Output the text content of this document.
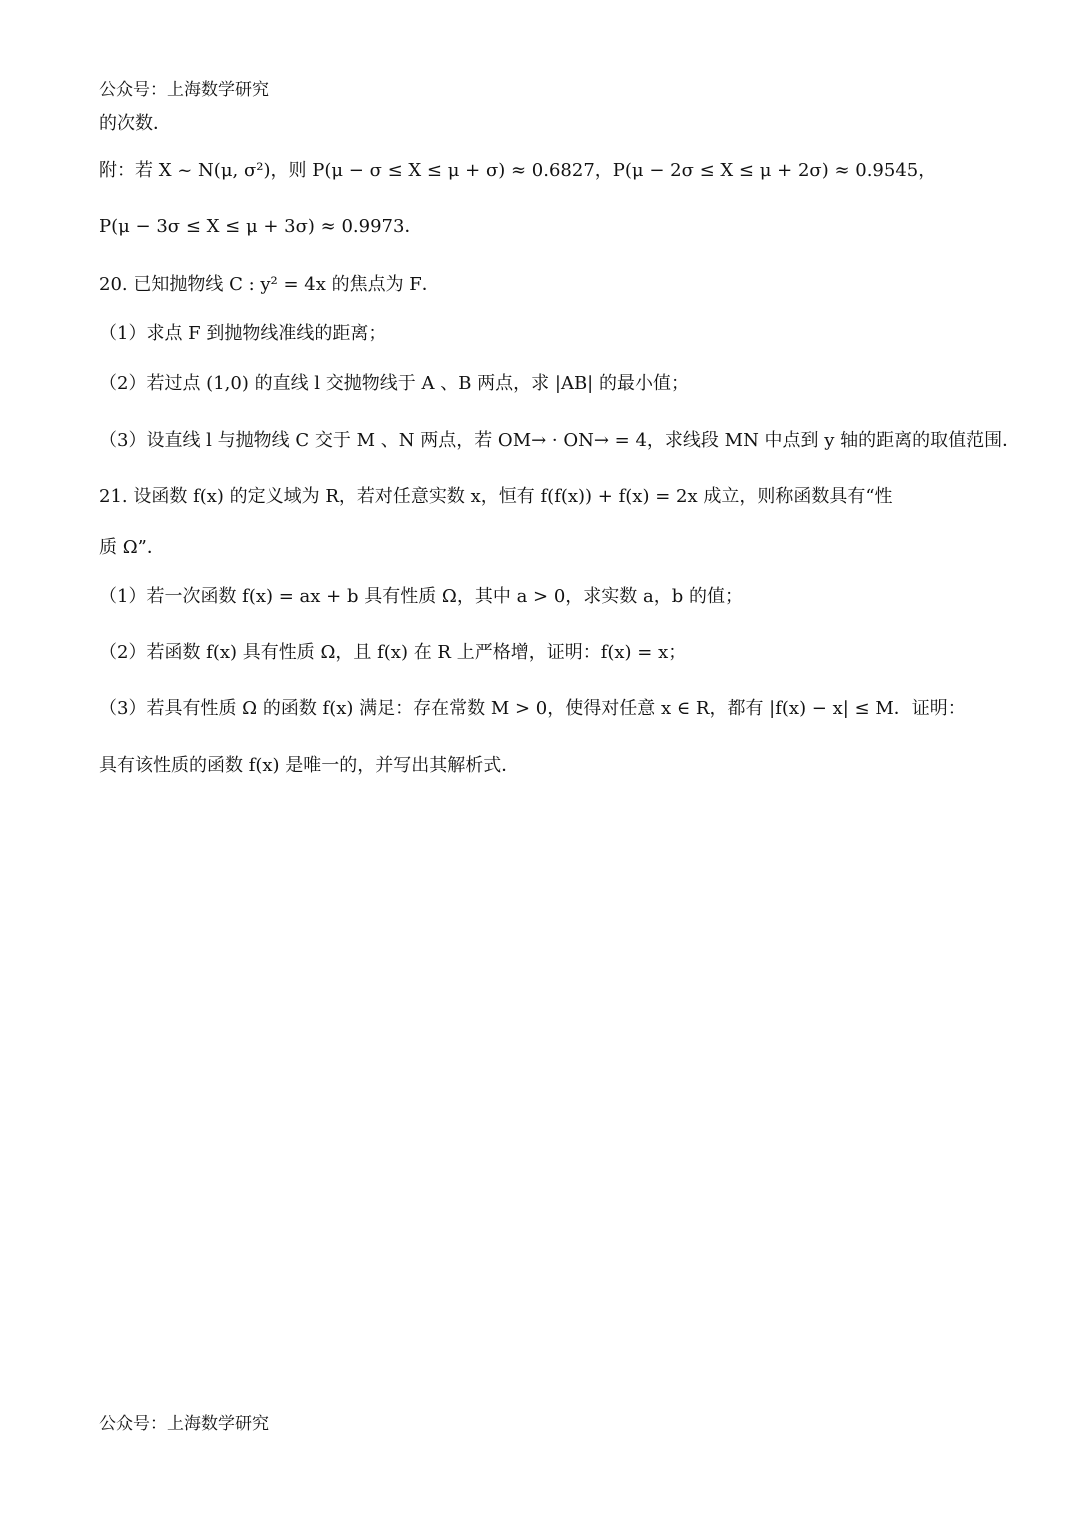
公众号：上海数学研究
的次数．
附：若 X ~ N(μ, σ²)，则 P(μ − σ ≤ X ≤ μ + σ) ≈ 0.6827，P(μ − 2σ ≤ X ≤ μ + 2σ) ≈ 0.9545，
P(μ − 3σ ≤ X ≤ μ + 3σ) ≈ 0.9973．
20. 已知抛物线 C : y² = 4x 的焦点为 F．
（1）求点 F 到抛物线准线的距离；
（2）若过点 (1,0) 的直线 l 交抛物线于 A 、B 两点，求 |AB| 的最小值；
（3）设直线 l 与抛物线 C 交于 M 、N 两点，若 OM→ · ON→ = 4，求线段 MN 中点到 y 轴的距离的取值范围．
21. 设函数 f(x) 的定义域为 R，若对任意实数 x，恒有 f(f(x)) + f(x) = 2x 成立，则称函数具有“性
质 Ω”．
（1）若一次函数 f(x) = ax + b 具有性质 Ω，其中 a > 0，求实数 a，b 的值；
（2）若函数 f(x) 具有性质 Ω，且 f(x) 在 R 上严格增，证明：f(x) = x；
（3）若具有性质 Ω 的函数 f(x) 满足：存在常数 M > 0，使得对任意 x ∈ R，都有 |f(x) − x| ≤ M．证明：
具有该性质的函数 f(x) 是唯一的，并写出其解析式．
公众号：上海数学研究
